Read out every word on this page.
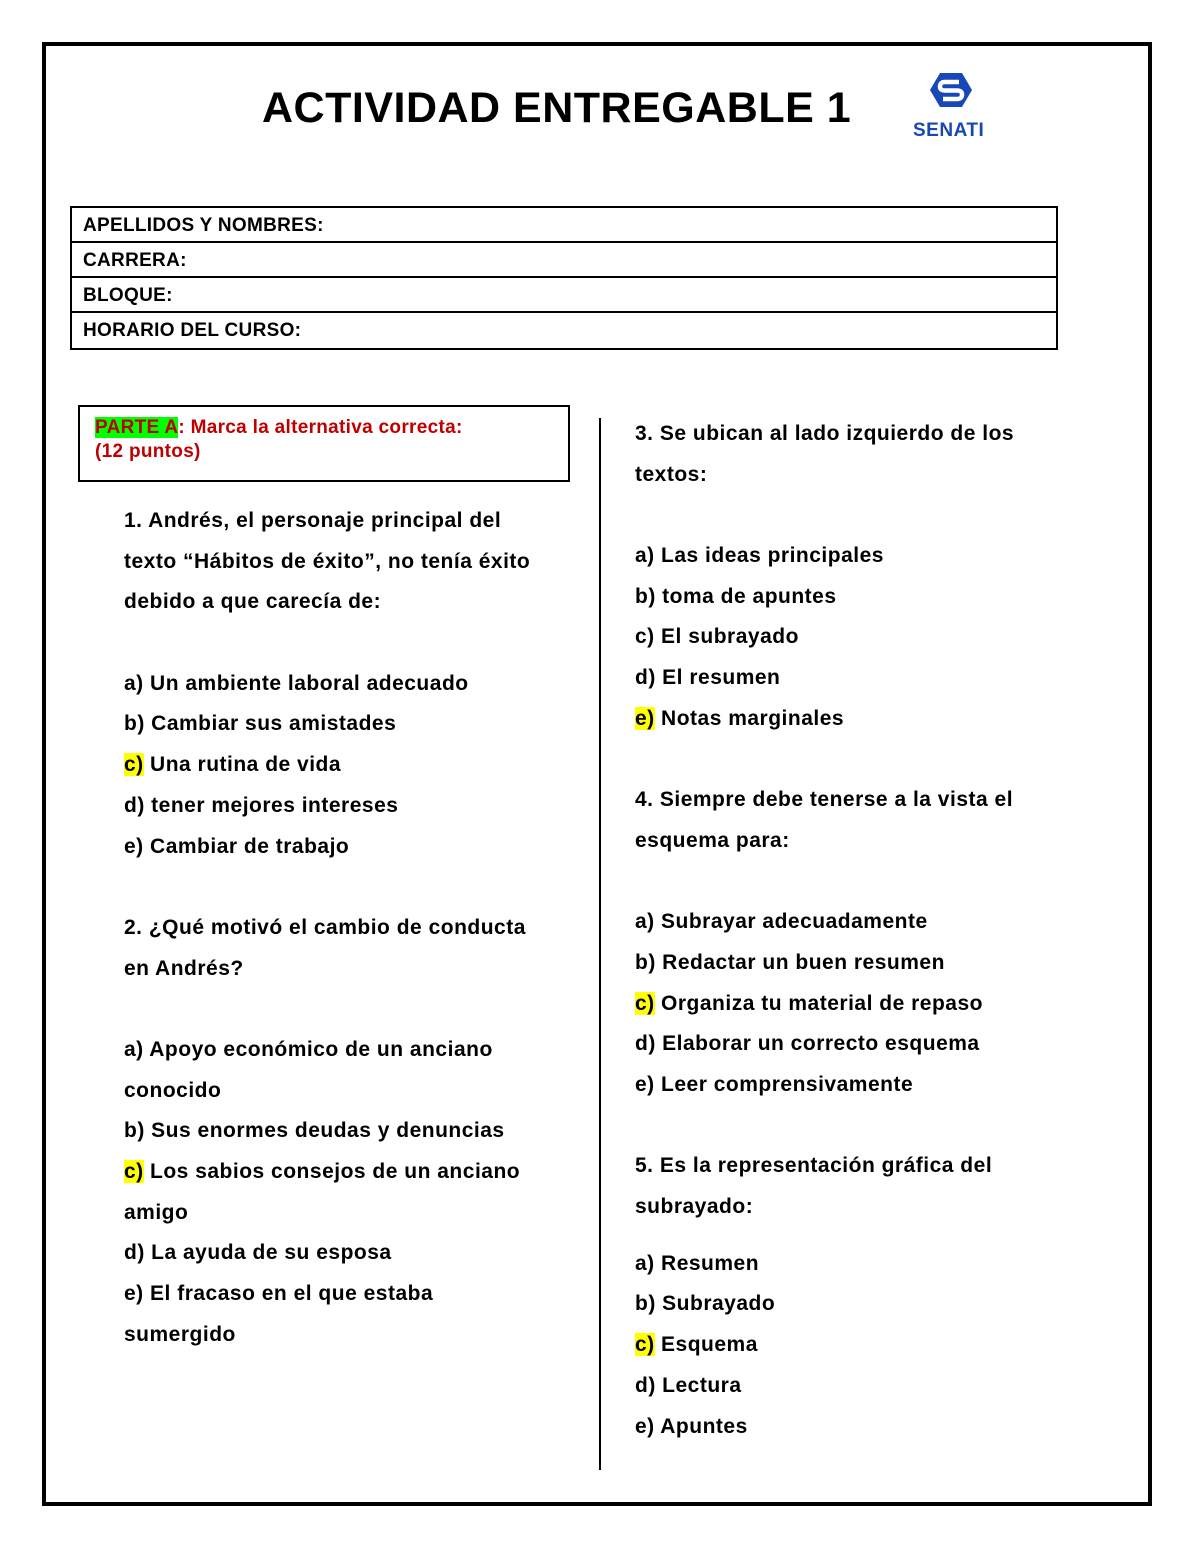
ACTIVIDAD ENTREGABLE 1	SENATI
APELLIDOS Y NOMBRES:
CARRERA:
BLOQUE:
HORARIO DEL CURSO:
PARTE A: Marca la alternativa correcta:
(12 puntos)
1. Andrés, el personaje principal del
texto “Hábitos de éxito”, no tenía éxito
debido a que carecía de:
a) Un ambiente laboral adecuado
b) Cambiar sus amistades
c) Una rutina de vida
d) tener mejores intereses
e) Cambiar de trabajo
2. ¿Qué motivó el cambio de conducta
en Andrés?
a) Apoyo económico de un anciano
conocido
b) Sus enormes deudas y denuncias
c) Los sabios consejos de un anciano
amigo
d) La ayuda de su esposa
e) El fracaso en el que estaba
sumergido
3. Se ubican al lado izquierdo de los
textos:
a) Las ideas principales
b) toma de apuntes
c) El subrayado
d) El resumen
e) Notas marginales
4. Siempre debe tenerse a la vista el
esquema para:
a) Subrayar adecuadamente
b) Redactar un buen resumen
c) Organiza tu material de repaso
d) Elaborar un correcto esquema
e) Leer comprensivamente
5. Es la representación gráfica del
subrayado:
a) Resumen
b) Subrayado
c) Esquema
d) Lectura
e) Apuntes
